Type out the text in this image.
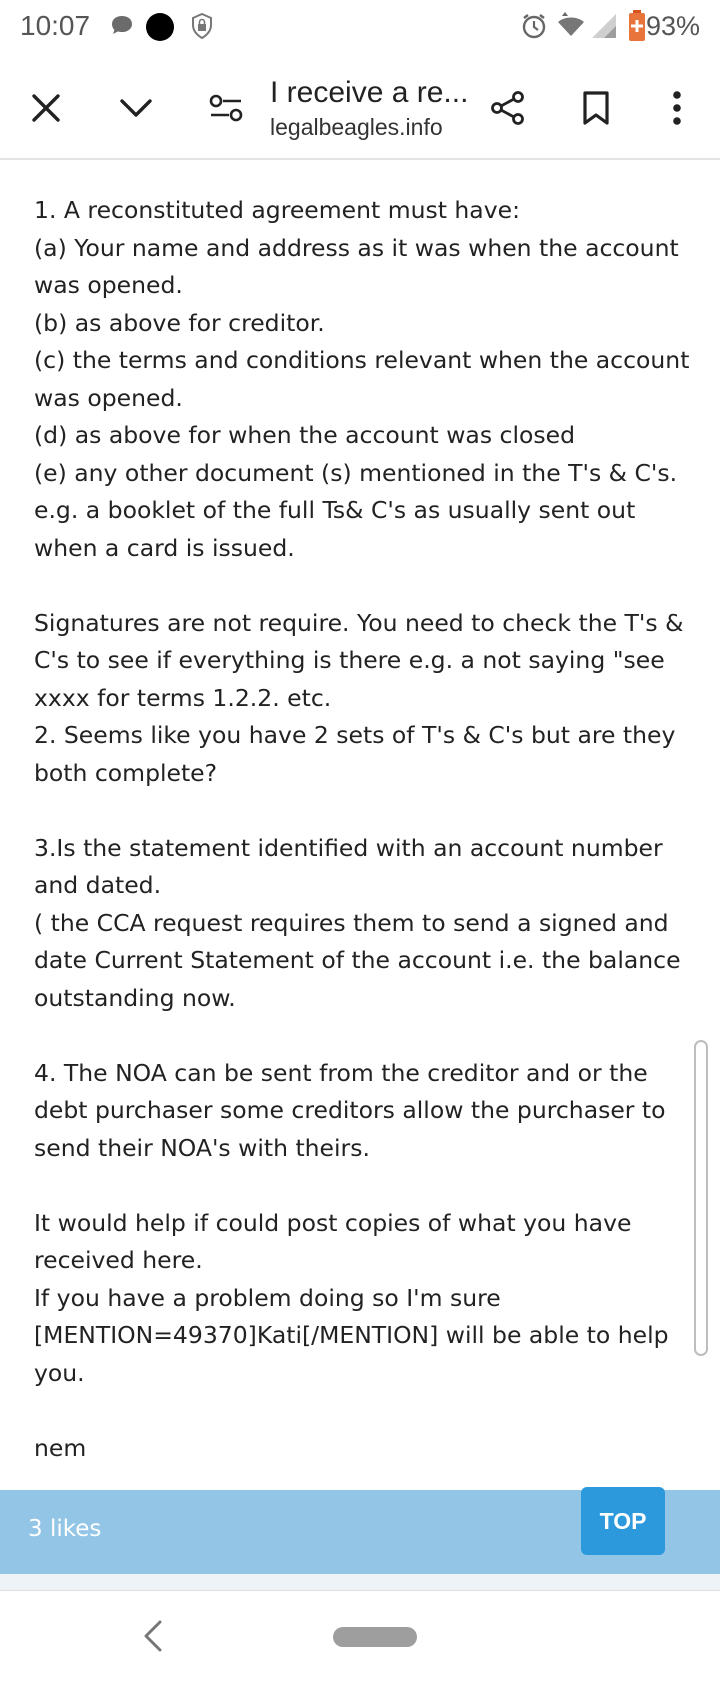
10:07	93%
I receive a re...
legalbeagles.info

1. A reconstituted agreement must have:

(a) Your name and address as it was when the account was opened.

(b) as above for creditor.

(c) the terms and conditions relevant when the account was opened.

(d) as above for when the account was closed

(e) any other document (s) mentioned in the T's & C's. e.g. a booklet of the full Ts& C's as usually sent out when a card is issued.

Signatures are not require. You need to check the T's & C's to see if everything is there e.g. a not saying "see xxxx for terms 1.2.2. etc.

2. Seems like you have 2 sets of T's & C's but are they both complete?

3.Is the statement identified with an account number and dated.

( the CCA request requires them to send a signed and date Current Statement of the account i.e. the balance outstanding now.

4. The NOA can be sent from the creditor and or the debt purchaser some creditors allow the purchaser to send their NOA's with theirs.

It would help if could post copies of what you have received here.

If you have a problem doing so I'm sure [MENTION=49370]Kati[/MENTION] will be able to help you.

nem

3 likes	TOP
